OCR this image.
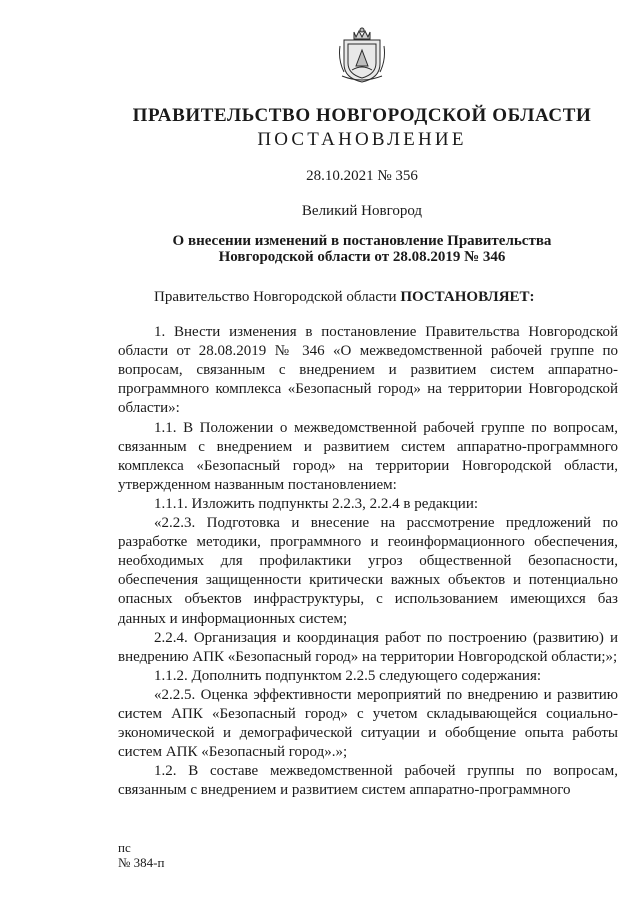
ПРАВИТЕЛЬСТВО НОВГОРОДСКОЙ ОБЛАСТИ
ПОСТАНОВЛЕНИЕ
28.10.2021 № 356
Великий Новгород
О внесении изменений в постановление Правительства
Новгородской области от 28.08.2019 № 346

Правительство Новгородской области ПОСТАНОВЛЯЕТ:

1. Внести изменения в постановление Правительства Новгородской области от 28.08.2019 № 346 «О межведомственной рабочей группе по вопросам, связанным с внедрением и развитием систем аппаратно-программного комплекса «Безопасный город» на территории Новгородской области»:

1.1. В Положении о межведомственной рабочей группе по вопросам, связанным с внедрением и развитием систем аппаратно-программного комплекса «Безопасный город» на территории Новгородской области, утвержденном названным постановлением:

1.1.1. Изложить подпункты 2.2.3, 2.2.4 в редакции:

«2.2.3. Подготовка и внесение на рассмотрение предложений по разработке методики, программного и геоинформационного обеспечения, необходимых для профилактики угроз общественной безопасности, обеспечения защищенности критически важных объектов и потенциально опасных объектов инфраструктуры, с использованием имеющихся баз данных и информационных систем;

2.2.4. Организация и координация работ по построению (развитию) и внедрению АПК «Безопасный город» на территории Новгородской области;»;

1.1.2. Дополнить подпунктом 2.2.5 следующего содержания:

«2.2.5. Оценка эффективности мероприятий по внедрению и развитию систем АПК «Безопасный город» с учетом складывающейся социально-экономической и демографической ситуации и обобщение опыта работы систем АПК «Безопасный город».»;

1.2. В составе межведомственной рабочей группы по вопросам, связанным с внедрением и развитием систем аппаратно-программного

пс
№ 384-п
